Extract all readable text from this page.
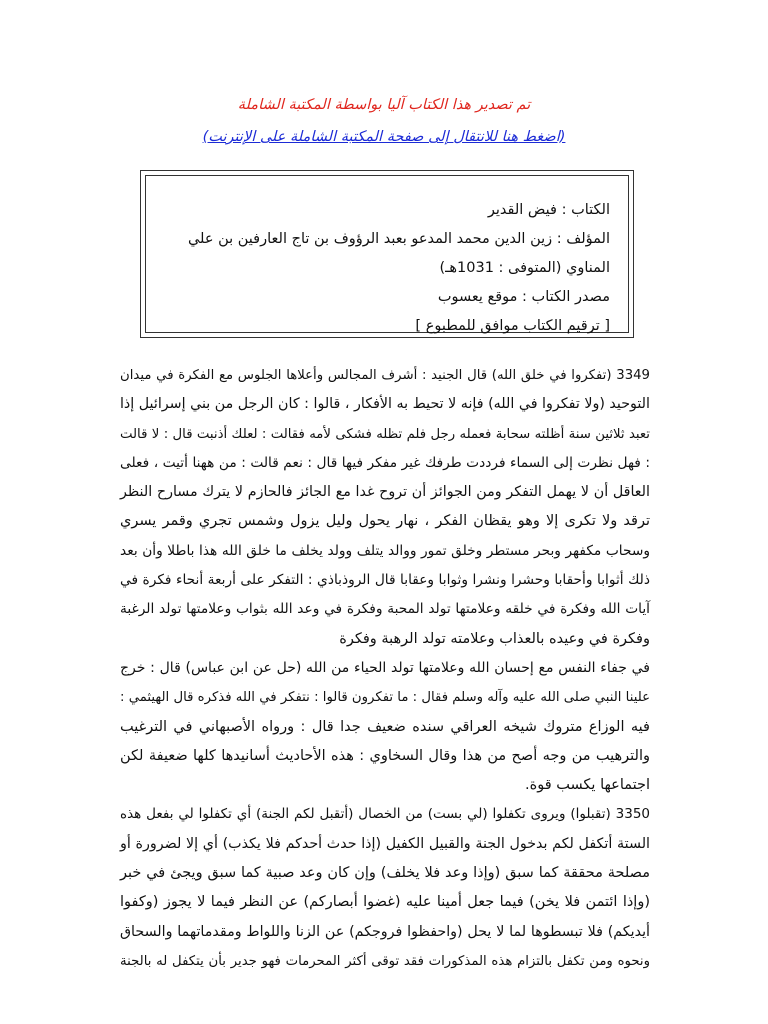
تم تصدير هذا الكتاب آليا بواسطة المكتبة الشاملة
(اضغط هنا للانتقال إلى صفحة المكتبة الشاملة على الإنترنت)
الكتاب : فيض القدير
المؤلف : زين الدين محمد المدعو بعبد الرؤوف بن تاج العارفين بن علي
المناوي (المتوفى : 1031هـ)
مصدر الكتاب : موقع يعسوب
[ ترقيم الكتاب موافق للمطبوع ]
3349 (تفكروا في خلق الله) قال الجنيد : أشرف المجالس وأعلاها الجلوس مع الفكرة في ميدان
التوحيد (ولا تفكروا في الله) فإنه لا تحيط به الأفكار ، قالوا : كان الرجل من بني إسرائيل إذا
تعبد ثلاثين سنة أظلته سحابة فعمله رجل فلم تظله فشكى لأمه فقالت : لعلك أذنبت قال : لا قالت
: فهل نظرت إلى السماء فرددت طرفك غير مفكر فيها قال : نعم قالت : من ههنا أتيت ، فعلى
العاقل أن لا يهمل التفكر ومن الجوائز أن تروح غدا مع الجائز فالحازم لا يترك مسارح النظر
ترقد ولا تكرى إلا وهو يقظان الفكر ، نهار يحول وليل يزول وشمس تجري وقمر يسري
وسحاب مكفهر وبحر مستطر وخلق تمور ووالد يتلف وولد يخلف ما خلق الله هذا باطلا وأن بعد
ذلك أثوابا وأحقابا وحشرا ونشرا وثوابا وعقابا قال الروذباذي : التفكر على أربعة أنحاء فكرة في
آيات الله وفكرة في خلقه وعلامتها تولد المحبة وفكرة في وعد الله بثواب وعلامتها تولد الرغبة
وفكرة في وعيده بالعذاب وعلامته تولد الرهبة وفكرة
في جفاء النفس مع إحسان الله وعلامتها تولد الحياء من الله (حل عن ابن عباس) قال : خرج
علينا النبي صلى الله عليه وآله وسلم فقال : ما تفكرون قالوا : نتفكر في الله فذكره قال الهيثمي :
فيه الوزاع متروك شيخه العراقي سنده ضعيف جدا قال : ورواه الأصبهاني في الترغيب
والترهيب من وجه أصح من هذا وقال السخاوي : هذه الأحاديث أسانيدها كلها ضعيفة لكن
اجتماعها يكسب قوة.
3350 (تقبلوا) ويروى تكفلوا (لي بست) من الخصال (أتقبل لكم الجنة) أي تكفلوا لي بفعل هذه
الستة أتكفل لكم بدخول الجنة والقبيل الكفيل (إذا حدث أحدكم فلا يكذب) أي إلا لضرورة أو
مصلحة محققة كما سبق (وإذا وعد فلا يخلف) وإن كان وعد صبية كما سبق ويجئ في خبر
(وإذا ائتمن فلا يخن) فيما جعل أمينا عليه (غضوا أبصاركم) عن النظر فيما لا يجوز (وكفوا
أيديكم) فلا تبسطوها لما لا يحل (واحفظوا فروجكم) عن الزنا واللواط ومقدماتهما والسحاق
ونحوه ومن تكفل بالتزام هذه المذكورات فقد توقى أكثر المحرمات فهو جدير بأن يتكفل له بالجنة
